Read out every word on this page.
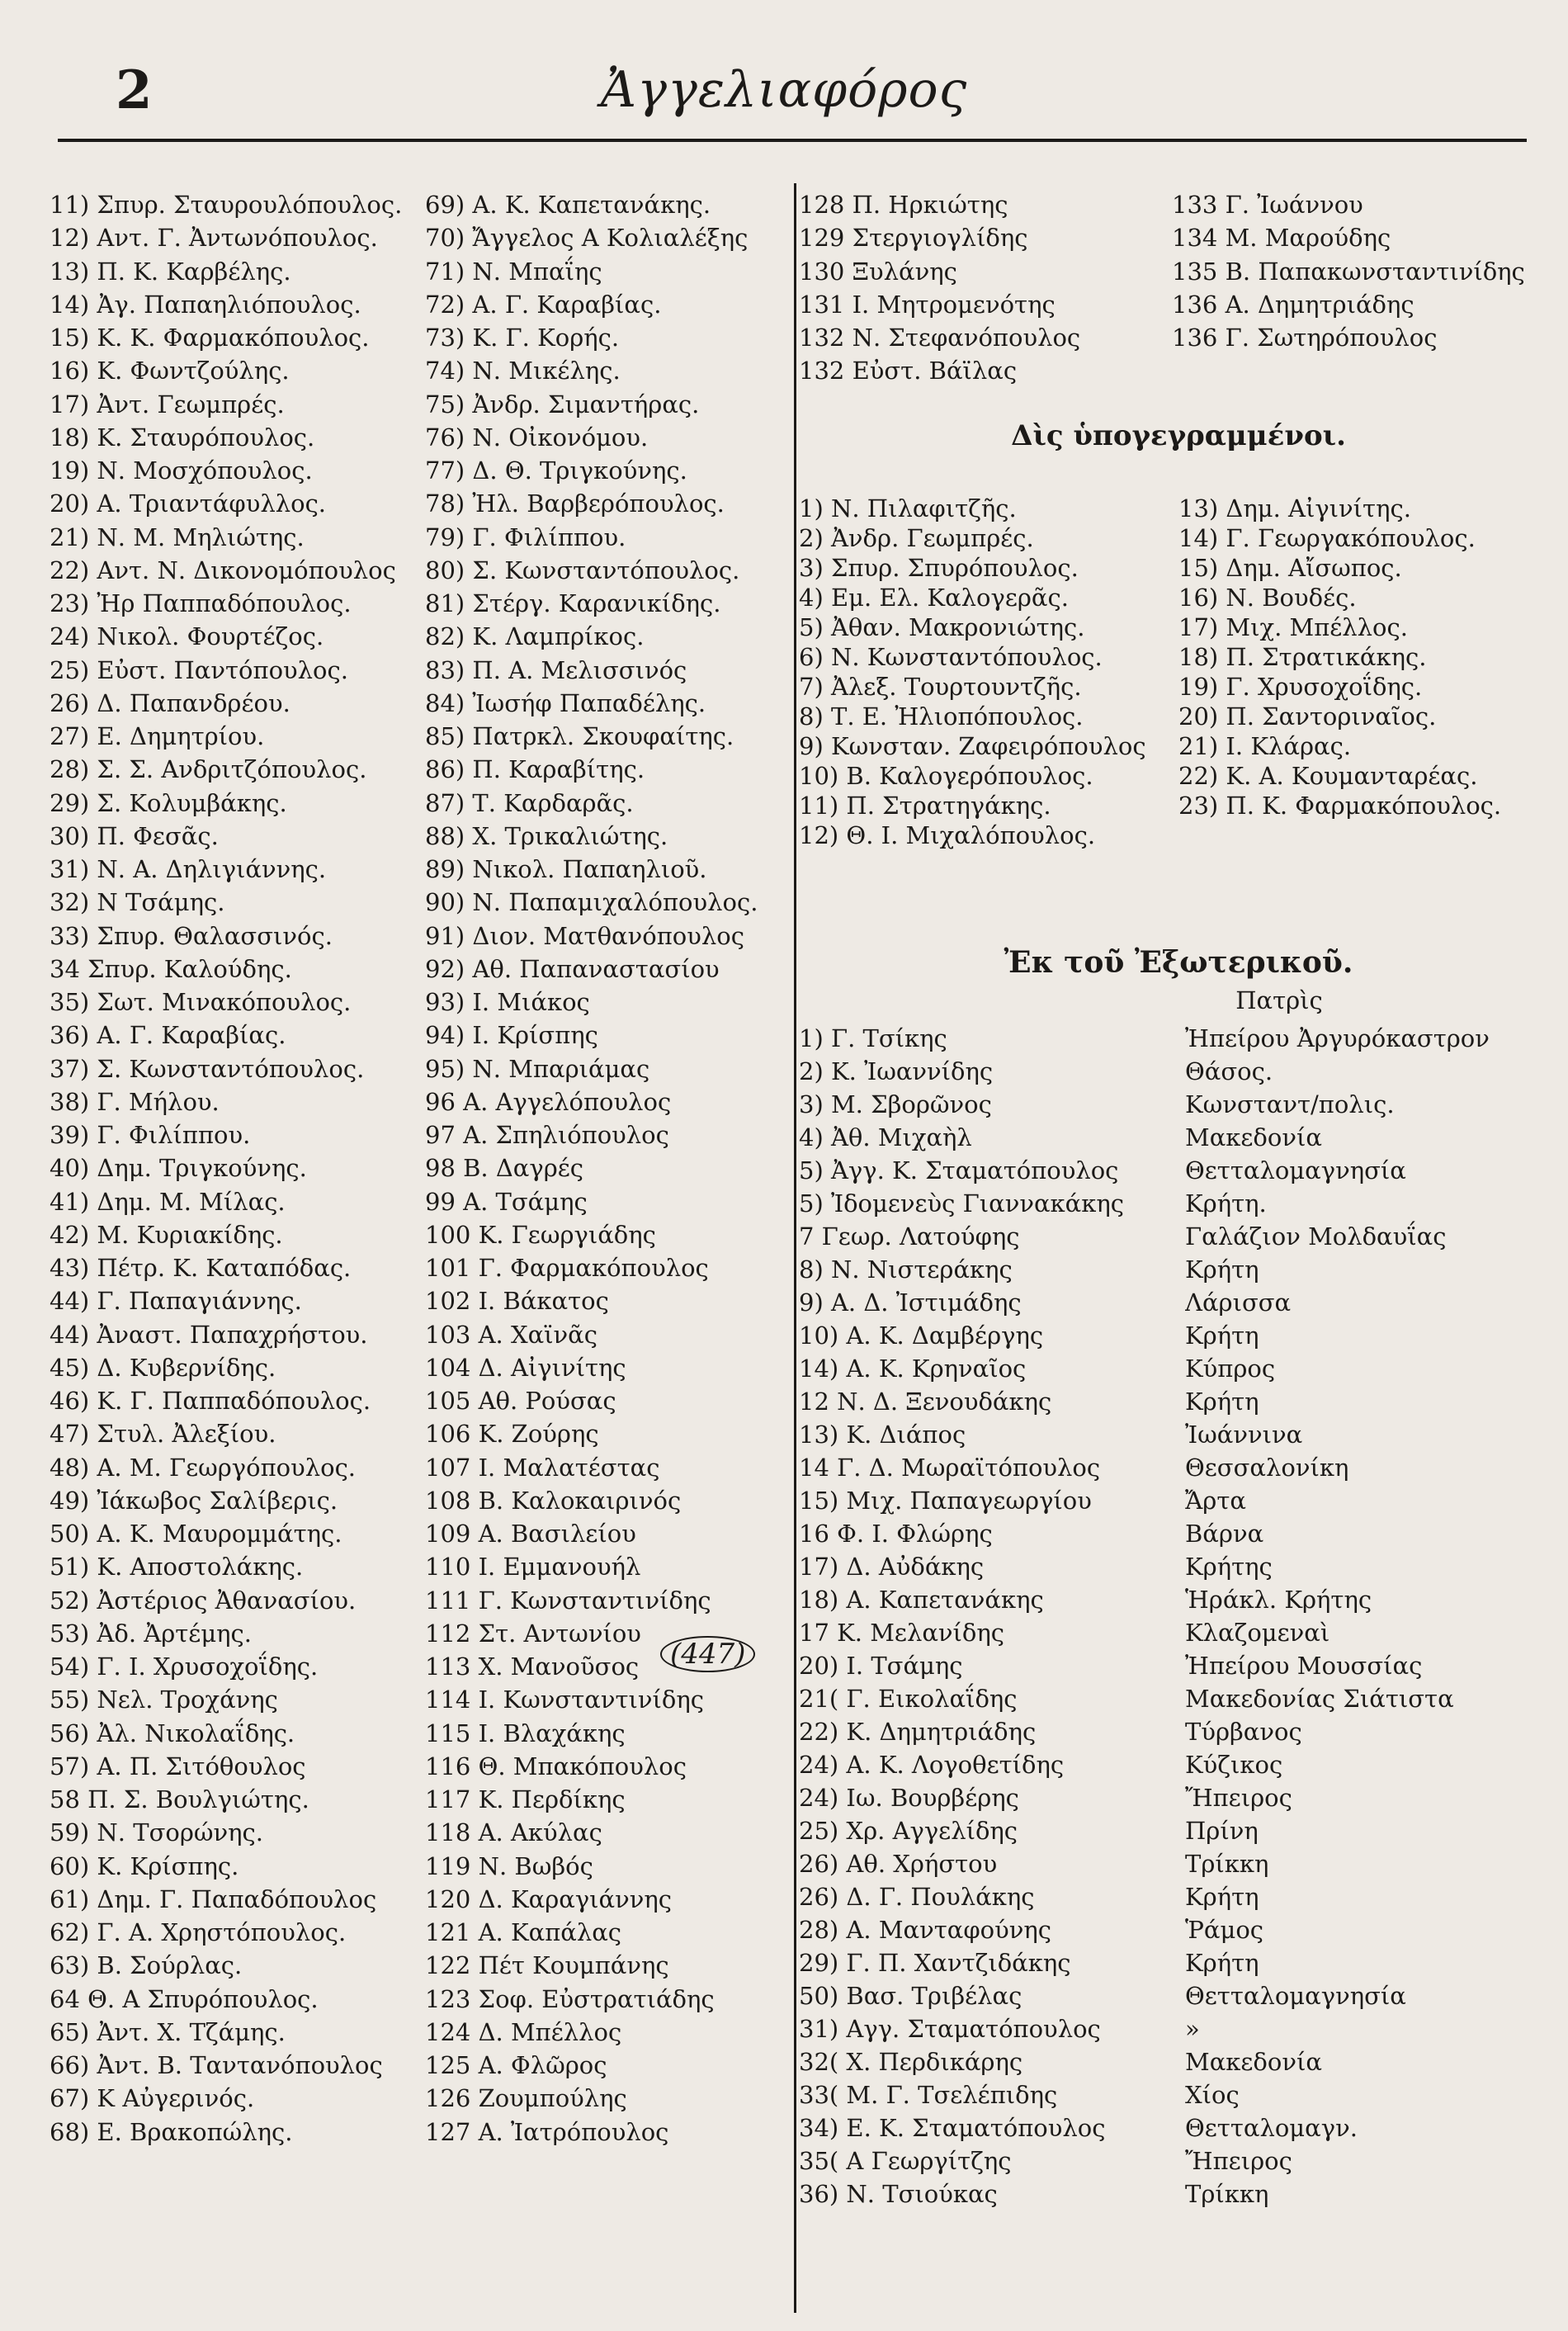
2	Ἀγγελιαφόρος
11) Σπυρ. Σταυρουλόπουλος.
12) Αντ. Γ. Ἀντωνόπουλος.
13) Π. Κ. Καρβέλης.
14) Ἀγ. Παπαηλιόπουλος.
15) Κ. Κ. Φαρμακόπουλος.
16) Κ. Φωντζούλης.
17) Ἀντ. Γεωμπρές.
18) Κ. Σταυρόπουλος.
19) Ν. Μοσχόπουλος.
20) Α. Τριαντάφυλλος.
21) Ν. Μ. Μηλιώτης.
22) Αντ. Ν. Δικονομόπουλος
23) Ἠρ Παππαδόπουλος.
24) Νικολ. Φουρτέζος.
25) Εὐστ. Παντόπουλος.
26) Δ. Παπανδρέου.
27) Ε. Δημητρίου.
28) Σ. Σ. Ανδριτζόπουλος.
29) Σ. Κολυμβάκης.
30) Π. Φεσᾶς.
31) Ν. Α. Δηλιγιάννης.
32) Ν Τσάμης.
33) Σπυρ. Θαλασσινός.
34 Σπυρ. Καλούδης.
35) Σωτ. Μινακόπουλος.
36) Α. Γ. Καραβίας.
37) Σ. Κωνσταντόπουλος.
38) Γ. Μήλου.
39) Γ. Φιλίππου.
40) Δημ. Τριγκούνης.
41) Δημ. Μ. Μίλας.
42) Μ. Κυριακίδης.
43) Πέτρ. Κ. Καταπόδας.
44) Γ. Παπαγιάννης.
44) Ἀναστ. Παπαχρήστου.
45) Δ. Κυβερνίδης.
46) Κ. Γ. Παππαδόπουλος.
47) Στυλ. Ἀλεξίου.
48) Α. Μ. Γεωργόπουλος.
49) Ἰάκωβος Σαλίβερις.
50) Α. Κ. Μαυρομμάτης.
51) Κ. Αποστολάκης.
52) Ἀστέριος Ἀθανασίου.
53) Ἀδ. Ἀρτέμης.
54) Γ. Ι. Χρυσοχοΐδης.
55) Νελ. Τροχάνης
56) Ἀλ. Νικολαΐδης.
57) Α. Π. Σιτόθουλος
58 Π. Σ. Βουλγιώτης.
59) Ν. Τσορώνης.
60) Κ. Κρίσπης.
61) Δημ. Γ. Παπαδόπουλος
62) Γ. Α. Χρηστόπουλος.
63) Β. Σούρλας.
64 Θ. Α Σπυρόπουλος.
65) Ἀντ. Χ. Τζάμης.
66) Ἀντ. Β. Ταντανόπουλος
67) Κ Αὐγερινός.
68) Ε. Βρακοπώλης.
69) Α. Κ. Καπετανάκης.
70) Ἄγγελος Α Κολιαλέξης
71) Ν. Μπαΐης
72) Α. Γ. Καραβίας.
73) Κ. Γ. Κορής.
74) Ν. Μικέλης.
75) Ἀνδρ. Σιμαντήρας.
76) Ν. Οἰκονόμου.
77) Δ. Θ. Τριγκούνης.
78) Ἠλ. Βαρβερόπουλος.
79) Γ. Φιλίππου.
80) Σ. Κωνσταντόπουλος.
81) Στέργ. Καρανικίδης.
82) Κ. Λαμπρίκος.
83) Π. Α. Μελισσινός
84) Ἰωσήφ Παπαδέλης.
85) Πατρκλ. Σκουφαίτης.
86) Π. Καραβίτης.
87) Τ. Καρδαρᾶς.
88) Χ. Τρικαλιώτης.
89) Νικολ. Παπαηλιοῦ.
90) Ν. Παπαμιχαλόπουλος.
91) Διον. Ματθανόπουλος
92) Αθ. Παπαναστασίου
93) Ι. Μιάκος
94) Ι. Κρίσπης
95) Ν. Μπαριάμας
96 Α. Αγγελόπουλος
97 Α. Σπηλιόπουλος
98 Β. Δαγρές
99 Α. Τσάμης
100 Κ. Γεωργιάδης
101 Γ. Φαρμακόπουλος
102 Ι. Βάκατος
103 Α. Χαϊνᾶς
104 Δ. Αἰγινίτης
105 Αθ. Ρούσας
106 Κ. Ζούρης
107 Ι. Μαλατέστας
108 Β. Καλοκαιρινός
109 Α. Βασιλείου
110 Ι. Εμμανουήλ
111 Γ. Κωνσταντινίδης
112 Στ. Αντωνίου
113 Χ. Μανοῦσος
114 Ι. Κωνσταντινίδης
115 Ι. Βλαχάκης
116 Θ. Μπακόπουλος
117 Κ. Περδίκης
118 Α. Ακύλας
119 Ν. Βωβός
120 Δ. Καραγιάννης
121 Α. Καπάλας
122 Πέτ Κουμπάνης
123 Σοφ. Εὐστρατιάδης
124 Δ. Μπέλλος
125 Α. Φλῶρος
126 Ζουμπούλης
127 Α. Ἰατρόπουλος
128 Π. Ηρκιώτης
129 Στεργιογλίδης
130 Ξυλάνης
131 Ι. Μητρομενότης
132 Ν. Στεφανόπουλος
132 Εὐστ. Βάϊλας
133 Γ. Ἰωάννου
134 Μ. Μαρούδης
135 Β. Παπακωνσταντινίδης
136 Α. Δημητριάδης
136 Γ. Σωτηρόπουλος
Δὶς ὑπογεγραμμένοι.
1) Ν. Πιλαφιτζῆς.	13) Δημ. Αἰγινίτης.
2) Ἀνδρ. Γεωμπρές.	14) Γ. Γεωργακόπουλος.
3) Σπυρ. Σπυρόπουλος.	15) Δημ. Αἴσωπος.
4) Εμ. Ελ. Καλογερᾶς.	16) Ν. Βουδές.
5) Ἀθαν. Μακρονιώτης.	17) Μιχ. Μπέλλος.
6) Ν. Κωνσταντόπουλος.	18) Π. Στρατικάκης.
7) Ἀλεξ. Τουρτουντζῆς.	19) Γ. Χρυσοχοΐδης.
8) Τ. Ε. Ἠλιοπόπουλος.	20) Π. Σαντοριναῖος.
9) Κωνσταν. Ζαφειρόπουλος	21) Ι. Κλάρας.
10) Β. Καλογερόπουλος.	22) Κ. Α. Κουμανταρέας.
11) Π. Στρατηγάκης.	23) Π. Κ. Φαρμακόπουλος.
12) Θ. Ι. Μιχαλόπουλος.
Ἐκ τοῦ Ἐξωτερικοῦ.
Πατρὶς
1) Γ. Τσίκης	Ἠπείρου Ἀργυρόκαστρον
2) Κ. Ἰωαννίδης	Θάσος.
3) Μ. Σβορῶνος	Κωνσταντ/πολις.
4) Ἀθ. Μιχαὴλ	Μακεδονία
5) Ἀγγ. Κ. Σταματόπουλος	Θετταλομαγνησία
5) Ἰδομενεὺς Γιαννακάκης	Κρήτη.
7 Γεωρ. Λατούφης	Γαλάζιον Μολδαυΐας
8) Ν. Νιστεράκης	Κρήτη
9) Α. Δ. Ἰστιμάδης	Λάρισσα
10) Α. Κ. Δαμβέργης	Κρήτη
14) Α. Κ. Κρηναῖος	Κύπρος
12 Ν. Δ. Ξενουδάκης	Κρήτη
13) Κ. Διάπος	Ἰωάννινα
14 Γ. Δ. Μωραϊτόπουλος	Θεσσαλονίκη
15) Μιχ. Παπαγεωργίου	Ἄρτα
16 Φ. Ι. Φλώρης	Βάρνα
17) Δ. Αὐδάκης	Κρήτης
18) Α. Καπετανάκης	Ἡράκλ. Κρήτης
17 Κ. Μελανίδης	Κλαζομεναὶ
20) Ι. Τσάμης	Ἠπείρου Μουσσίας
21( Γ. Εικολαΐδης	Μακεδονίας Σιάτιστα
22) Κ. Δημητριάδης	Τύρβανος
24) Α. Κ. Λογοθετίδης	Κύζικος
24) Ιω. Βουρβέρης	Ἤπειρος
25) Χρ. Αγγελίδης	Πρίνη
26) Αθ. Χρήστου	Τρίκκη
26) Δ. Γ. Πουλάκης	Κρήτη
28) Α. Μανταφούνης	Ῥάμος
29) Γ. Π. Χαντζιδάκης	Κρήτη
50) Βασ. Τριβέλας	Θετταλομαγνησία
31) Αγγ. Σταματόπουλος	»
32( Χ. Περδικάρης	Μακεδονία
33( Μ. Γ. Τσελέπιδης	Χίος
34) Ε. Κ. Σταματόπουλος	Θετταλομαγν.
35( Α Γεωργίτζης	Ἤπειρος
36) Ν. Τσιούκας	Τρίκκη
(447)
